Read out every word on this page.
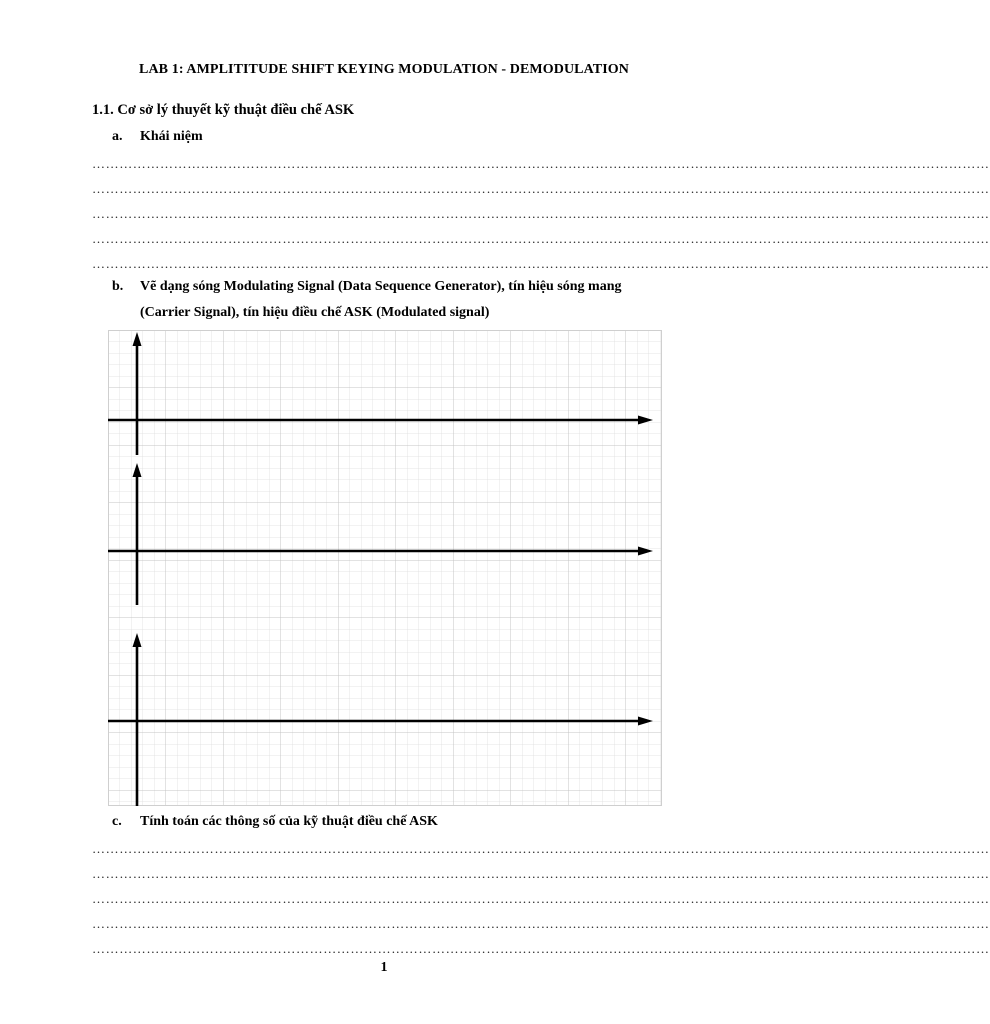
LAB 1: AMPLITITUDE SHIFT KEYING MODULATION - DEMODULATION
1.1. Cơ sở lý thuyết kỹ thuật điều chế ASK
a. Khái niệm
………………………………………………………………………………………………………………………………………………………………………………
………………………………………………………………………………………………………………………………………………………………………………
………………………………………………………………………………………………………………………………………………………………………………
………………………………………………………………………………………………………………………………………………………………………………
………………………………………………………………………………………………………………………………………………………………………………
b. Vẽ dạng sóng Modulating Signal (Data Sequence Generator), tín hiệu sóng mang
(Carrier Signal), tín hiệu điều chế ASK (Modulated signal)
c. Tính toán các thông số của kỹ thuật điều chế ASK
………………………………………………………………………………………………………………………………………………………………………………
………………………………………………………………………………………………………………………………………………………………………………
………………………………………………………………………………………………………………………………………………………………………………
………………………………………………………………………………………………………………………………………………………………………………
………………………………………………………………………………………………………………………………………………………………………………
1
